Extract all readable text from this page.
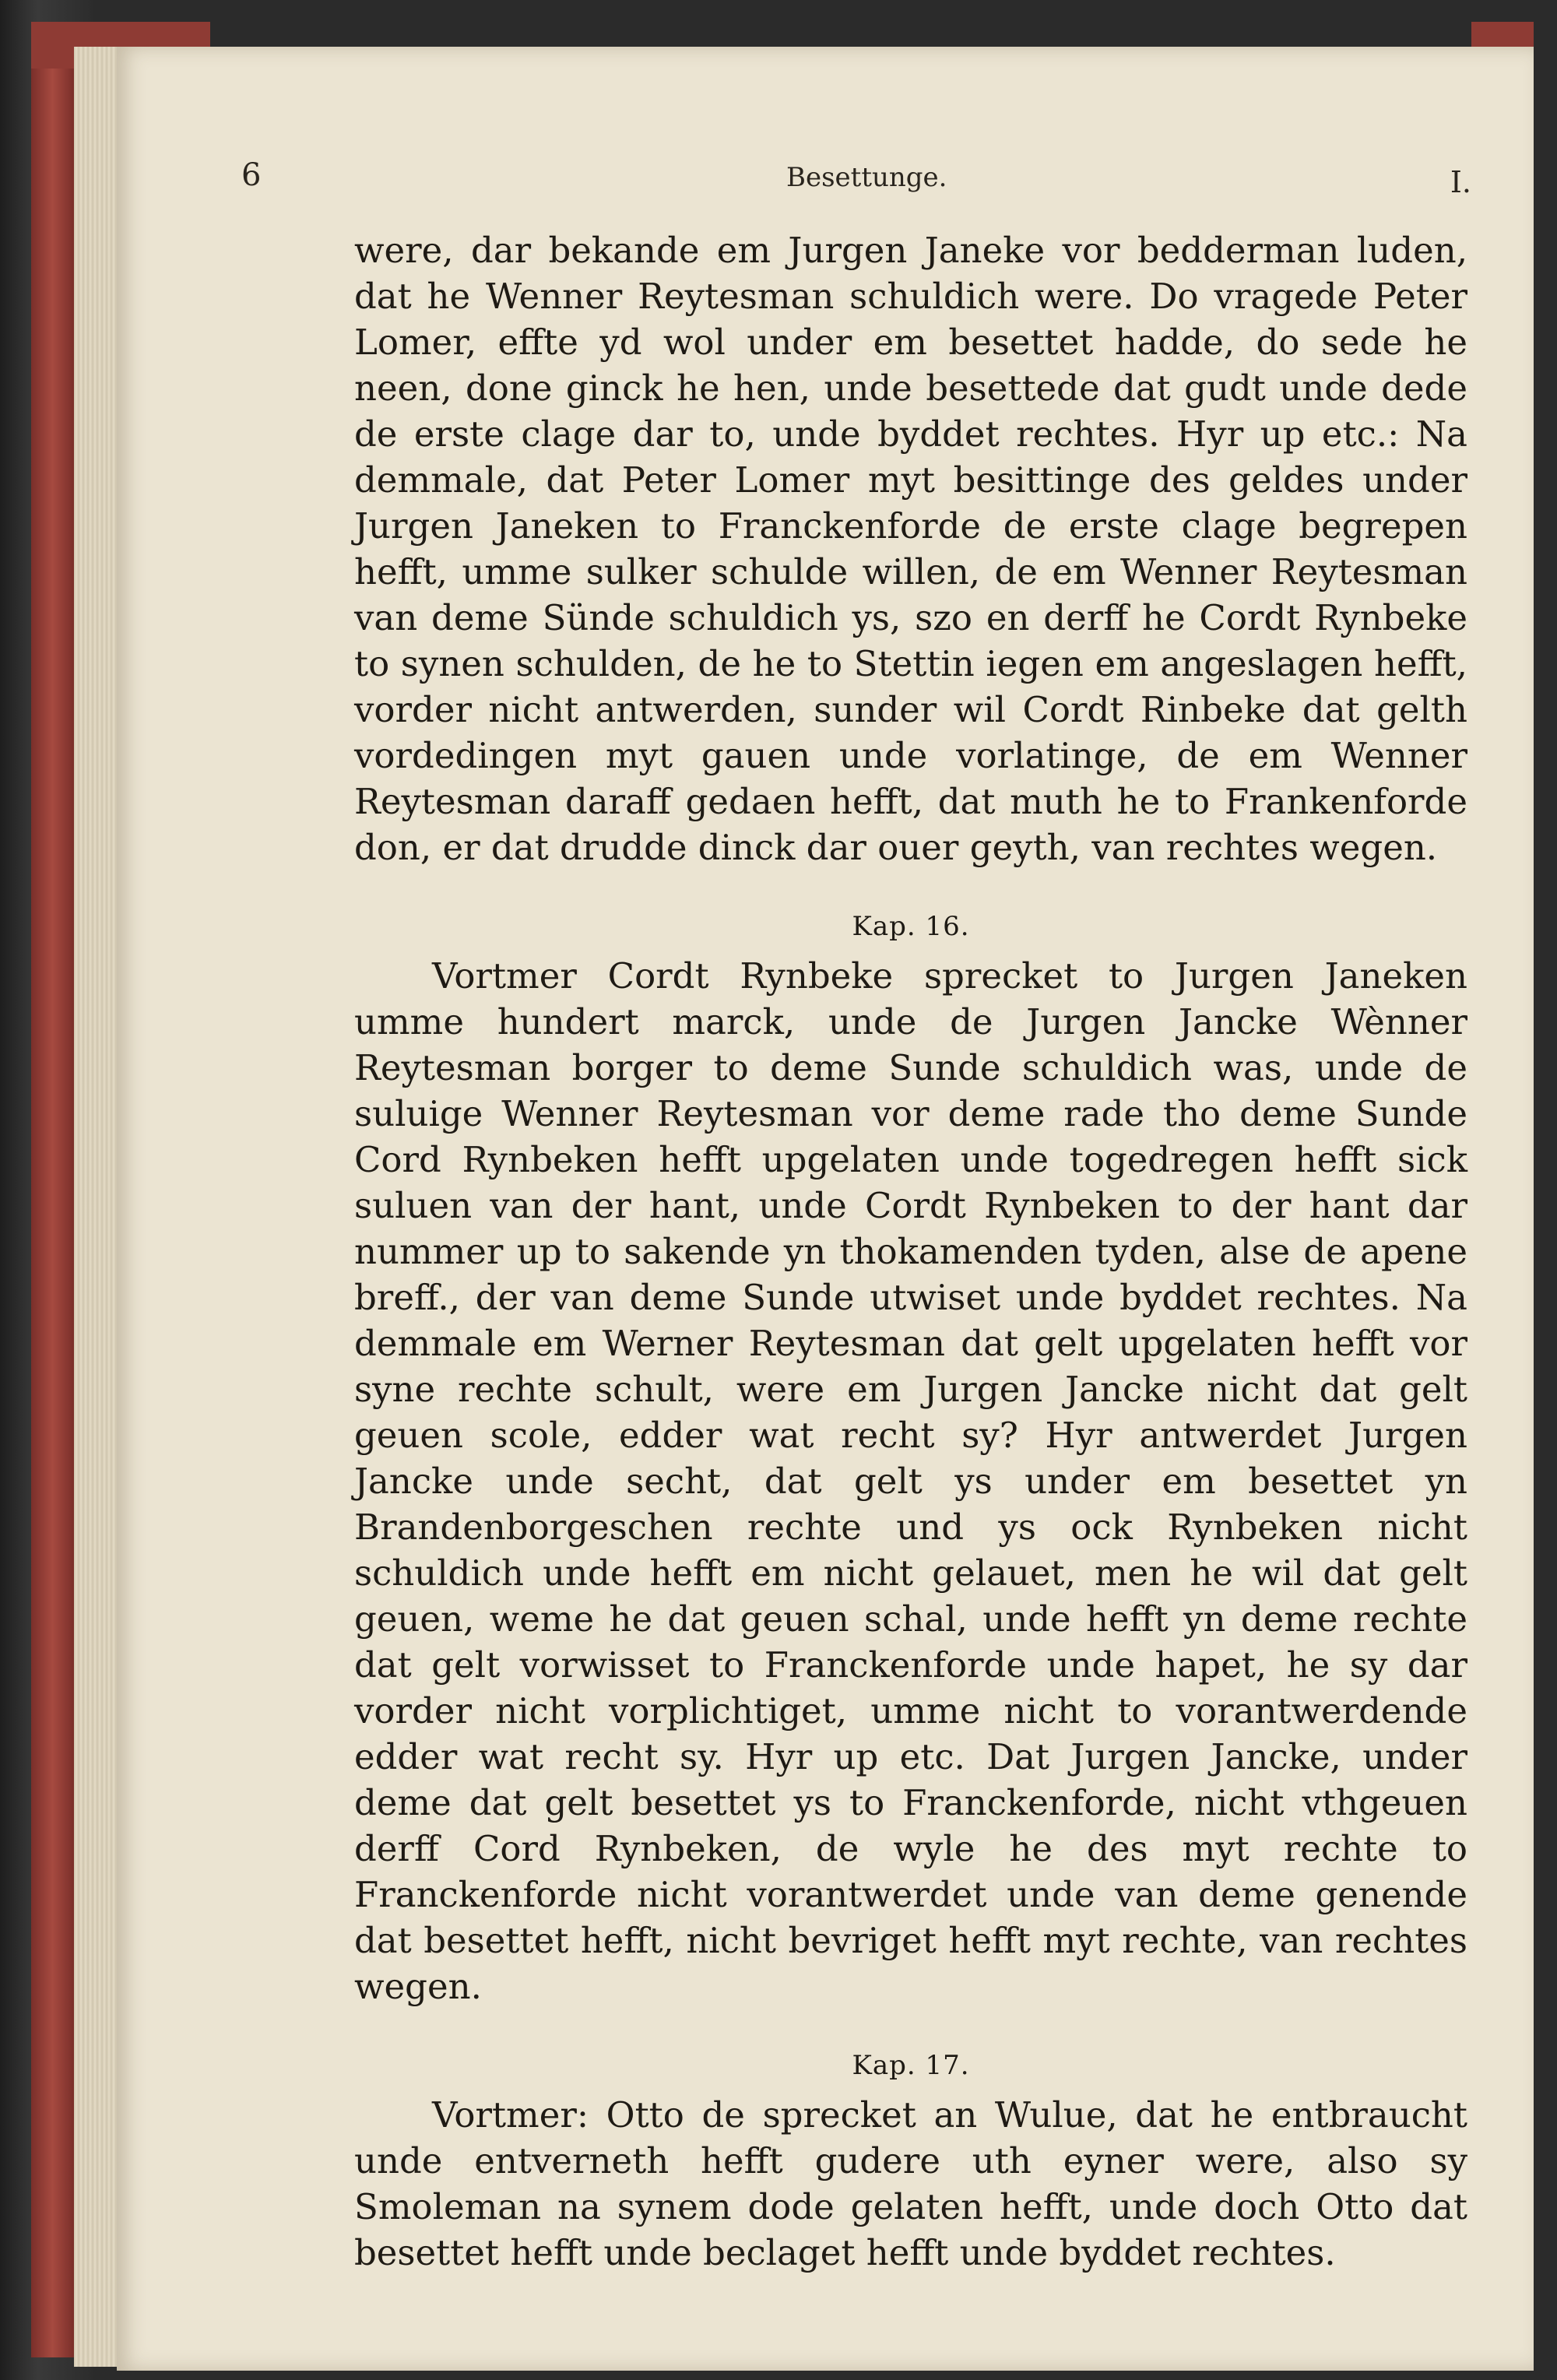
6	Besettunge.	I.

were, dar bekande em Jurgen Janeke vor bedderman luden, dat he Wenner Reytesman schuldich were. Do vragede Peter Lomer, effte yd wol under em besettet hadde, do sede he neen, done ginck he hen, unde besettede dat gudt unde dede de erste clage dar to, unde byddet rechtes. Hyr up etc.: Na demmale, dat Peter Lomer myt besittinge des geldes under Jurgen Janeken to Franckenforde de erste clage begrepen hefft, umme sulker schulde willen, de em Wenner Reytesman van deme Sünde schuldich ys, szo en derff he Cordt Rynbeke to synen schulden, de he to Stettin iegen em angeslagen hefft, vorder nicht antwerden, sunder wil Cordt Rinbeke dat gelth vordedingen myt gauen unde vorlatinge, de em Wenner Reytesman daraff gedaen hefft, dat muth he to Frankenforde don, er dat drudde dinck dar ouer geyth, van rechtes wegen.

Kap. 16.

Vortmer Cordt Rynbeke sprecket to Jurgen Janeken umme hundert marck, unde de Jurgen Jancke Wènner Reytesman borger to deme Sunde schuldich was, unde de suluige Wenner Reytesman vor deme rade tho deme Sunde Cord Rynbeken hefft upgelaten unde togedregen hefft sick suluen van der hant, unde Cordt Rynbeken to der hant dar nummer up to sakende yn thokamenden tyden, alse de apene breff., der van deme Sunde utwiset unde byddet rechtes. Na demmale em Werner Reytesman dat gelt upgelaten hefft vor syne rechte schult, were em Jurgen Jancke nicht dat gelt geuen scole, edder wat recht sy? Hyr antwerdet Jurgen Jancke unde secht, dat gelt ys under em besettet yn Brandenborgeschen rechte und ys ock Rynbeken nicht schuldich unde hefft em nicht gelauet, men he wil dat gelt geuen, weme he dat geuen schal, unde hefft yn deme rechte dat gelt vorwisset to Franckenforde unde hapet, he sy dar vorder nicht vorplichtiget, umme nicht to vorantwerdende edder wat recht sy. Hyr up etc. Dat Jurgen Jancke, under deme dat gelt besettet ys to Franckenforde, nicht vthgeuen derff Cord Rynbeken, de wyle he des myt rechte to Franckenforde nicht vorantwerdet unde van deme genende dat besettet hefft, nicht bevriget hefft myt rechte, van rechtes wegen.

Kap. 17.

Vortmer: Otto de sprecket an Wulue, dat he entbraucht unde entverneth hefft gudere uth eyner were, also sy Smoleman na synem dode gelaten hefft, unde doch Otto dat besettet hefft unde beclaget hefft unde byddet rechtes.
